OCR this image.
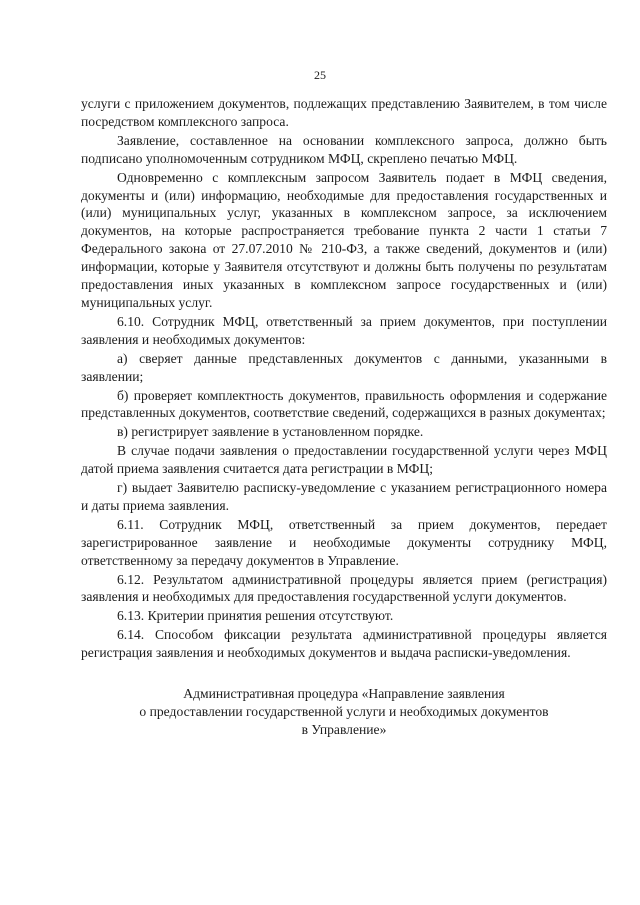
25

услуги с приложением документов, подлежащих представлению Заявителем, в том числе посредством комплексного запроса.

Заявление, составленное на основании комплексного запроса, должно быть подписано уполномоченным сотрудником МФЦ, скреплено печатью МФЦ.

Одновременно с комплексным запросом Заявитель подает в МФЦ сведения, документы и (или) информацию, необходимые для предоставления государственных и (или) муниципальных услуг, указанных в комплексном запросе, за исключением документов, на которые распространяется требование пункта 2 части 1 статьи 7 Федерального закона от 27.07.2010 № 210-ФЗ, а также сведений, документов и (или) информации, которые у Заявителя отсутствуют и должны быть получены по результатам предоставления иных указанных в комплексном запросе государственных и (или) муниципальных услуг.

6.10. Сотрудник МФЦ, ответственный за прием документов, при поступлении заявления и необходимых документов:

а) сверяет данные представленных документов с данными, указанными в заявлении;

б) проверяет комплектность документов, правильность оформления и содержание представленных документов, соответствие сведений, содержащихся в разных документах;

в) регистрирует заявление в установленном порядке.

В случае подачи заявления о предоставлении государственной услуги через МФЦ датой приема заявления считается дата регистрации в МФЦ;

г) выдает Заявителю расписку-уведомление с указанием регистрационного номера и даты приема заявления.

6.11. Сотрудник МФЦ, ответственный за прием документов, передает зарегистрированное заявление и необходимые документы сотруднику МФЦ, ответственному за передачу документов в Управление.

6.12. Результатом административной процедуры является прием (регистрация) заявления и необходимых для предоставления государственной услуги документов.

6.13. Критерии принятия решения отсутствуют.

6.14. Способом фиксации результата административной процедуры является регистрация заявления и необходимых документов и выдача расписки-уведомления.

Административная процедура «Направление заявления
о предоставлении государственной услуги и необходимых документов
в Управление»
